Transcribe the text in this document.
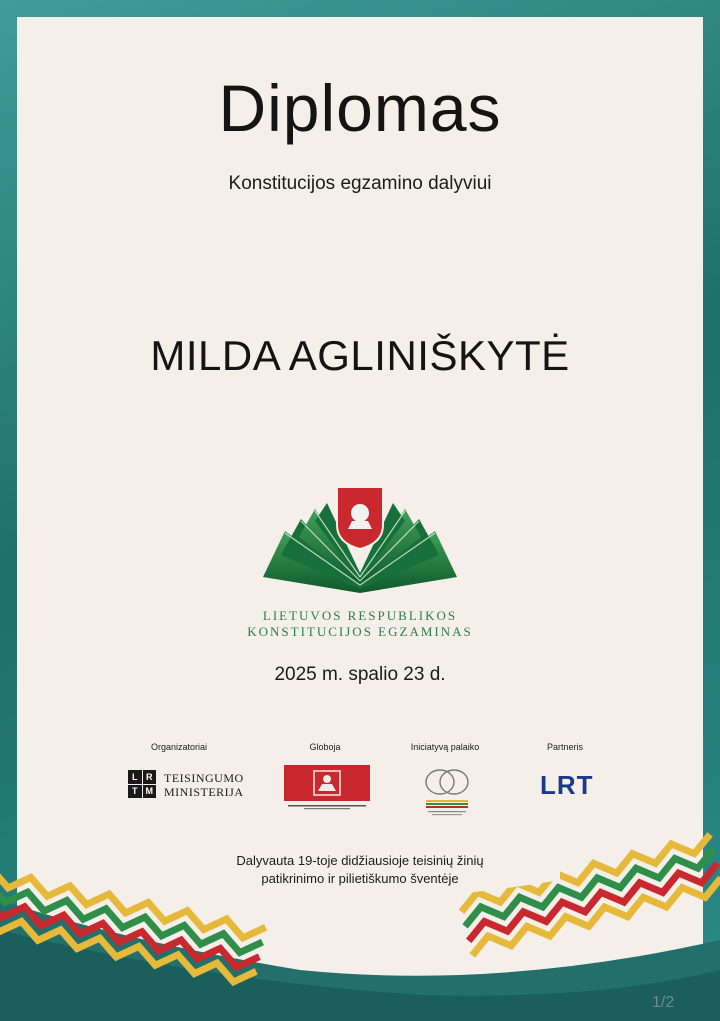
Diplomas
Konstitucijos egzamino dalyviui
MILDA AGLINIŠKYTĖ
LIETUVOS RESPUBLIKOS
KONSTITUCIJOS EGZAMINAS
2025 m. spalio 23 d.
Organizatoriai	Globoja	Iniciatyvą palaiko	Partneris
L R
T M
TEISINGUMO
MINISTERIJA	LRT
Dalyvauta 19-toje didžiausioje teisinių žinių
patikrinimo ir pilietiškumo šventėje
1/2
